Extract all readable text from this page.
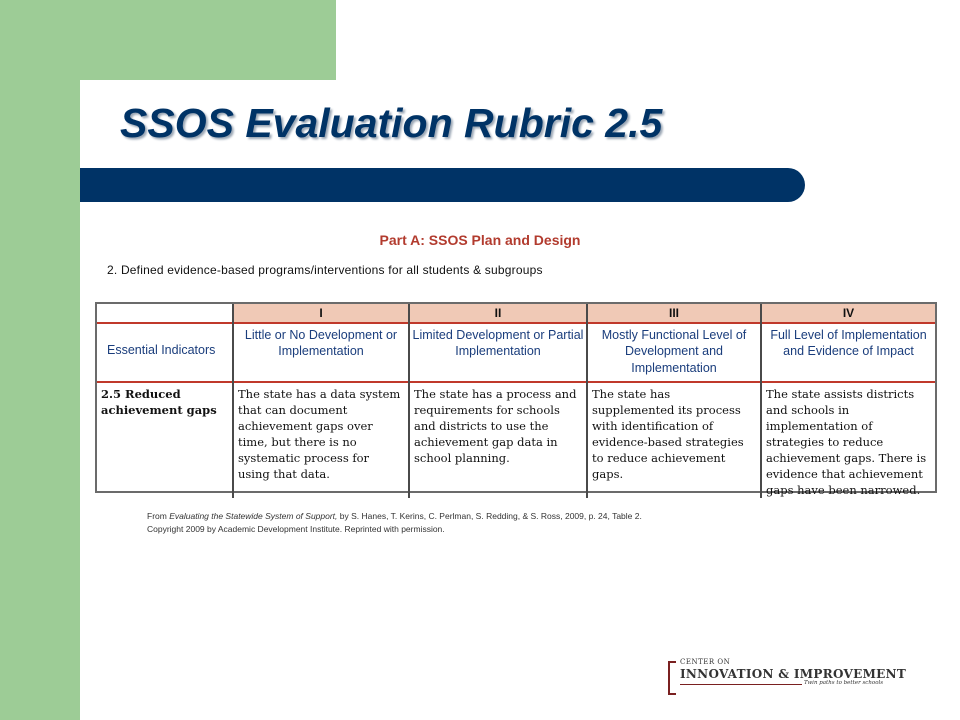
SSOS Evaluation Rubric 2.5
Part A: SSOS Plan and Design
2. Defined evidence-based programs/interventions for all students & subgroups
	I	II	III	IV
Essential Indicators	Little or No Development or Implementation	Limited Development or Partial Implementation	Mostly Functional Level of Development and Implementation	Full Level of Implementation and Evidence of Impact
2.5 Reduced achievement gaps	The state has a data system that can document achievement gaps over time, but there is no systematic process for using that data.	The state has a process and requirements for schools and districts to use the achievement gap data in school planning.	The state has supplemented its process with identification of evidence-based strategies to reduce achievement gaps.	The state assists districts and schools in implementation of strategies to reduce achievement gaps. There is evidence that achievement gaps have been narrowed.
From Evaluating the Statewide System of Support, by S. Hanes, T. Kerins, C. Perlman, S. Redding, & S. Ross, 2009, p. 24, Table 2.
Copyright 2009 by Academic Development Institute. Reprinted with permission.
CENTER ON
INNOVATION & IMPROVEMENT
Twin paths to better schools
